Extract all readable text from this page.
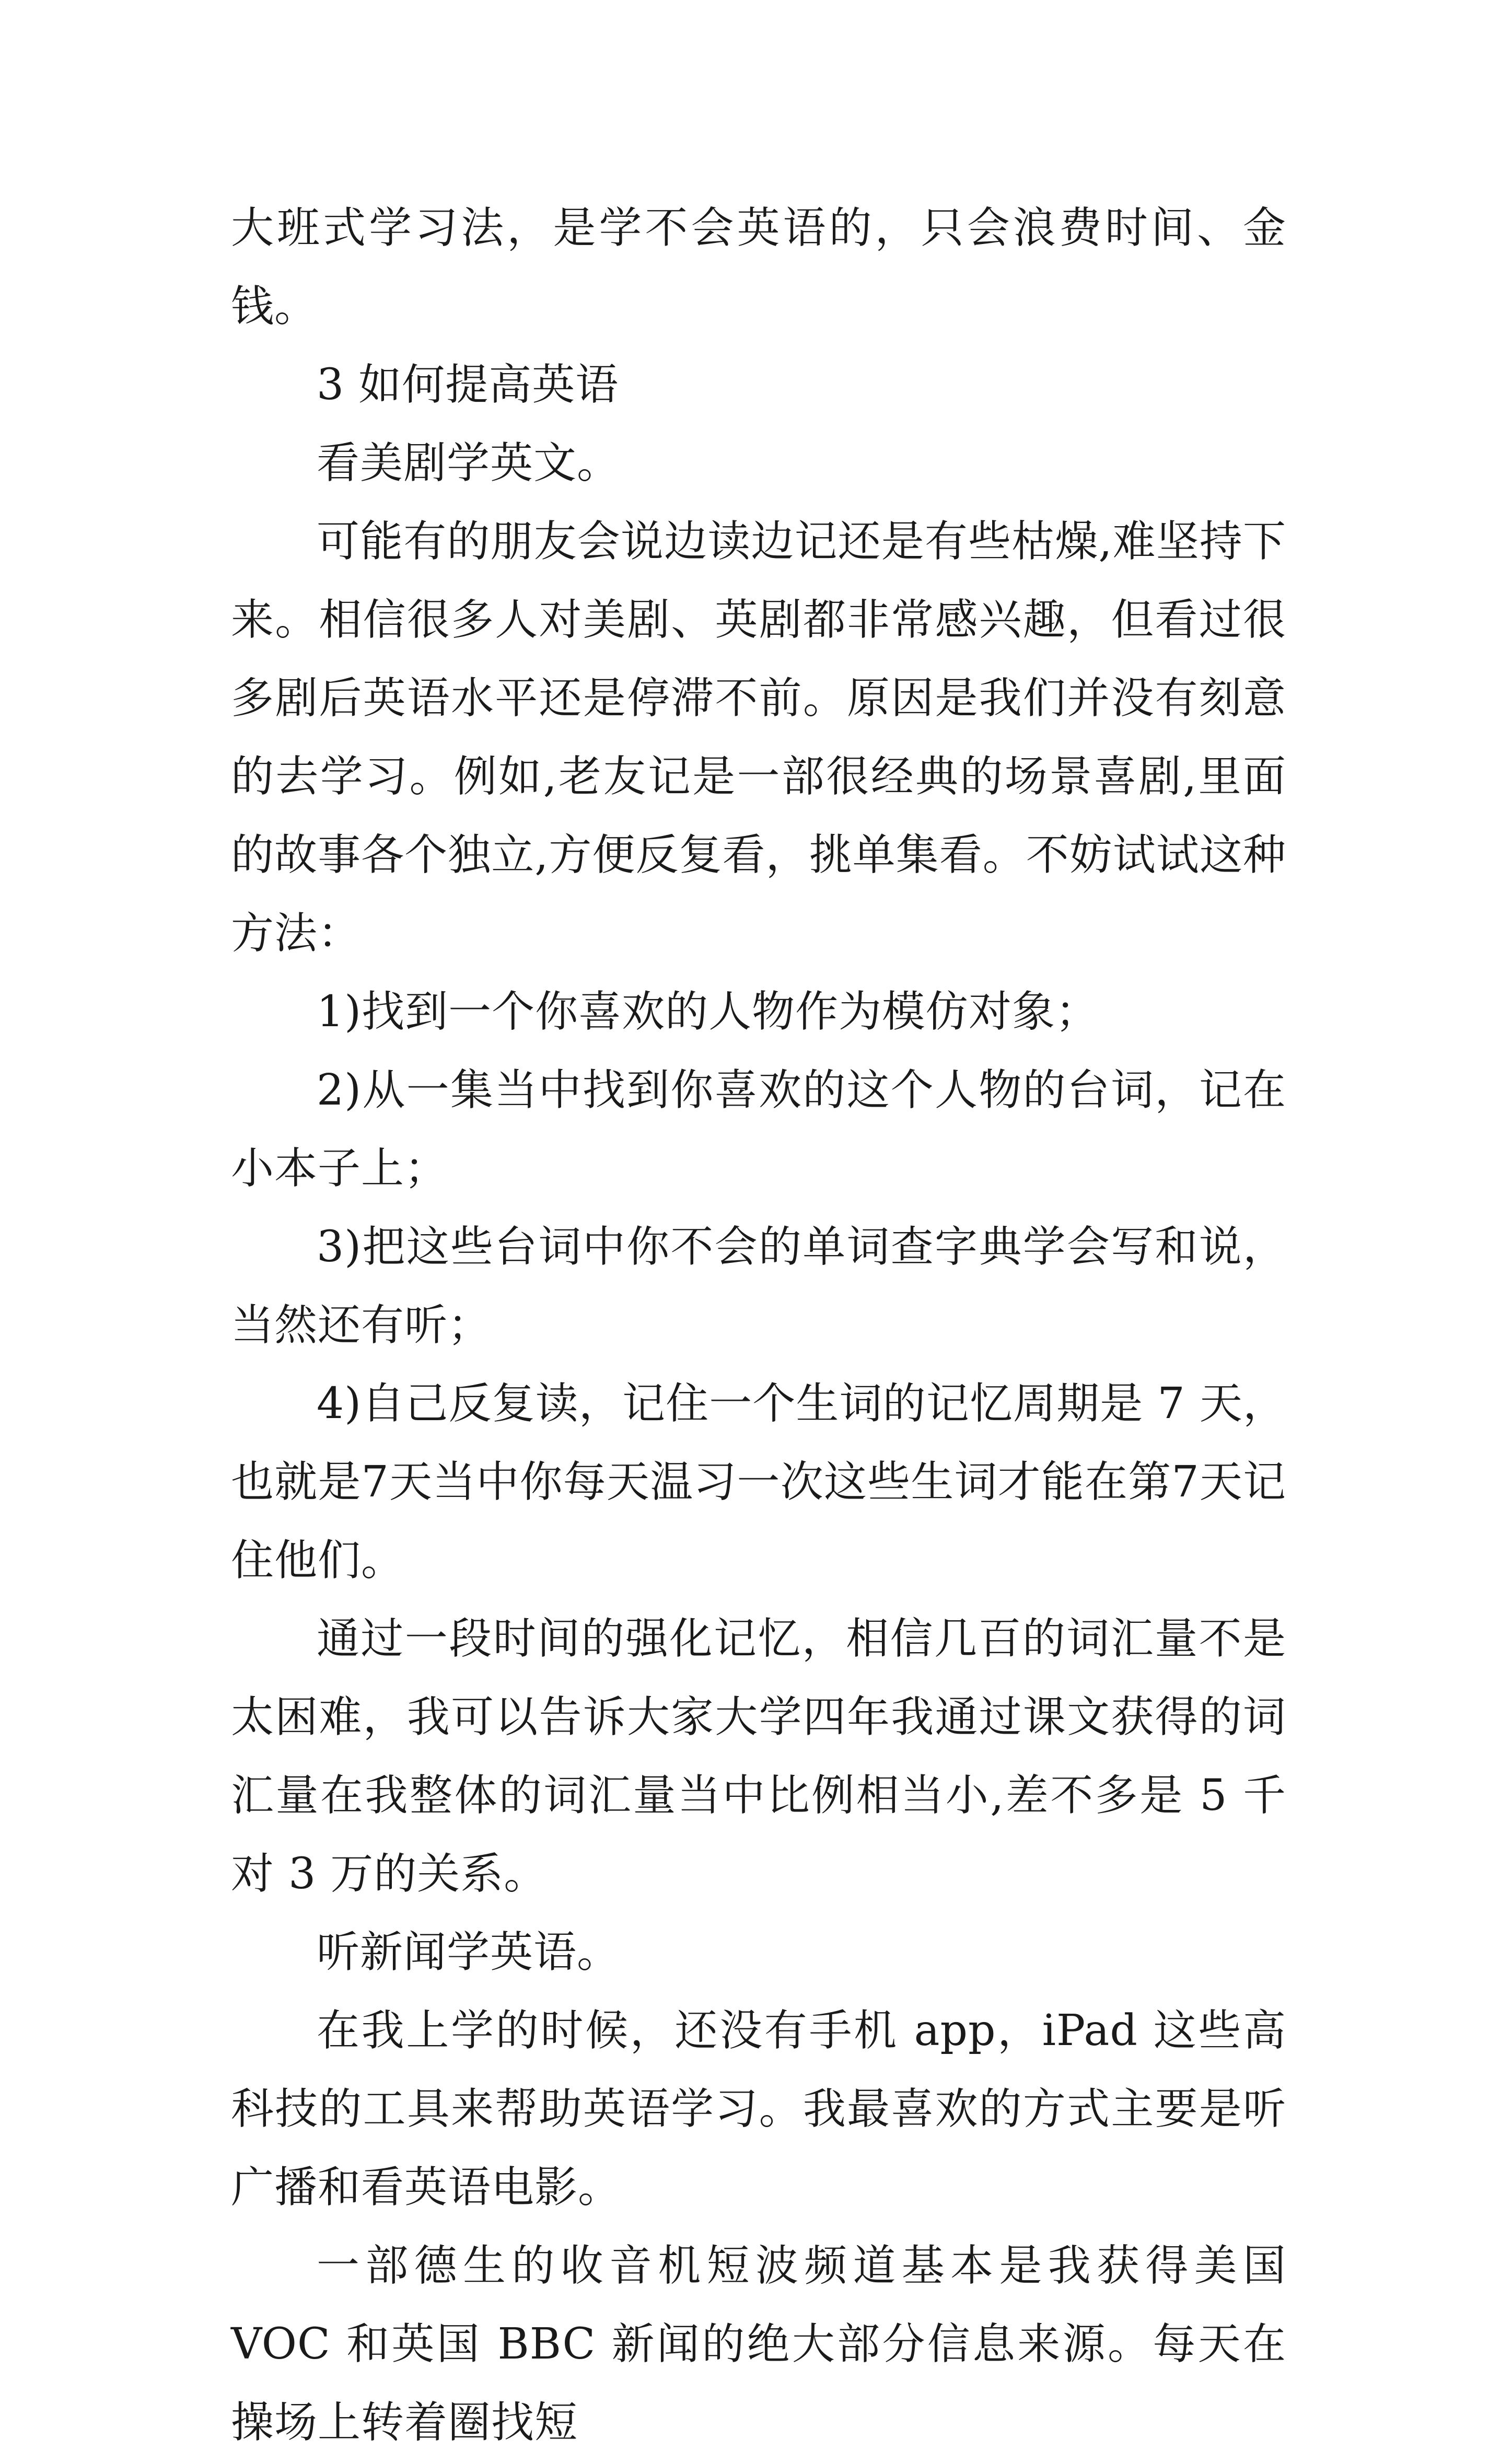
大班式学习法，是学不会英语的，只会浪费时间、金钱。

3 如何提高英语

看美剧学英文。

可能有的朋友会说边读边记还是有些枯燥,难坚持下来。相信很多人对美剧、英剧都非常感兴趣，但看过很多剧后英语水平还是停滞不前。原因是我们并没有刻意的去学习。例如,老友记是一部很经典的场景喜剧,里面的故事各个独立,方便反复看，挑单集看。不妨试试这种方法：

1)找到一个你喜欢的人物作为模仿对象；

2)从一集当中找到你喜欢的这个人物的台词，记在小本子上；

3)把这些台词中你不会的单词查字典学会写和说，当然还有听；

4)自己反复读，记住一个生词的记忆周期是 7 天，也就是7天当中你每天温习一次这些生词才能在第7天记住他们。

通过一段时间的强化记忆，相信几百的词汇量不是太困难，我可以告诉大家大学四年我通过课文获得的词汇量在我整体的词汇量当中比例相当小,差不多是 5 千对 3 万的关系。

听新闻学英语。

在我上学的时候，还没有手机 app，iPad 这些高科技的工具来帮助英语学习。我最喜欢的方式主要是听广播和看英语电影。

一部德生的收音机短波频道基本是我获得美国 VOC 和英国 BBC 新闻的绝大部分信息来源。每天在操场上转着圈找短
